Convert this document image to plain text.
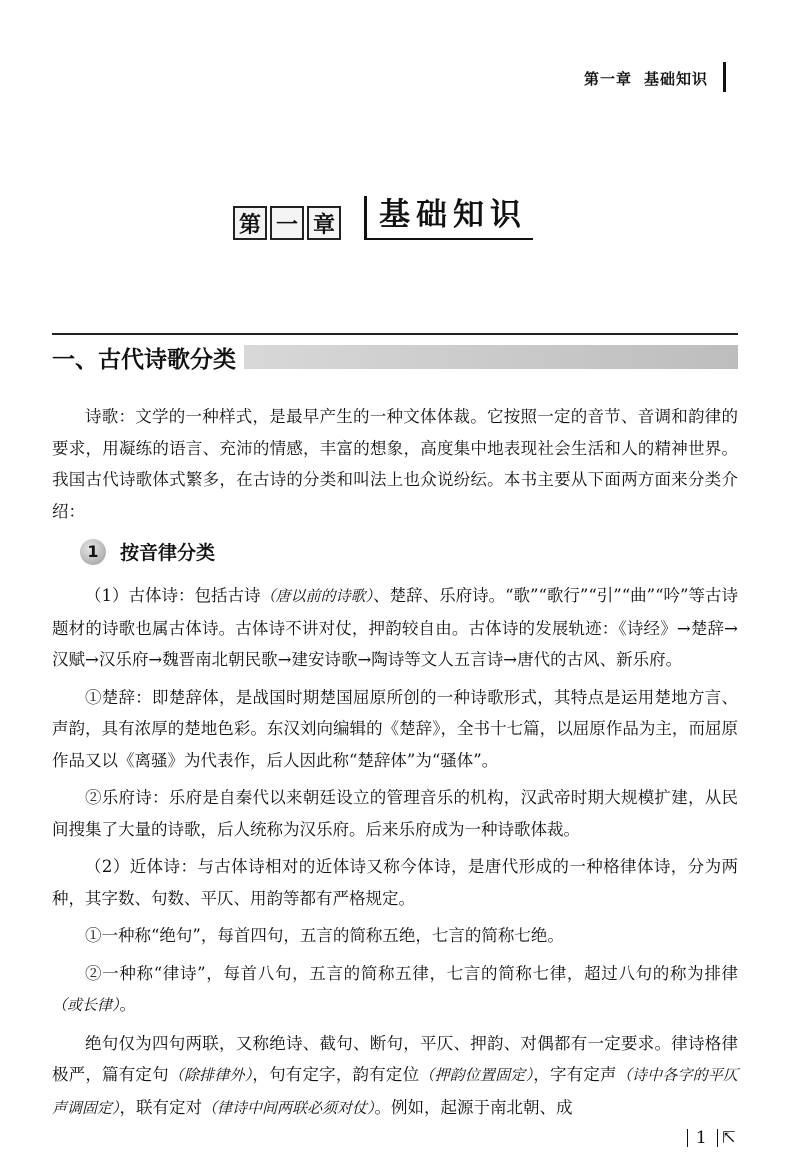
第一章 基础知识
第 一 章	基础知识
一、古代诗歌分类

诗歌：文学的一种样式，是最早产生的一种文体体裁。它按照一定的音节、音调和韵律的要求，用凝练的语言、充沛的情感，丰富的想象，高度集中地表现社会生活和人的精神世界。我国古代诗歌体式繁多，在古诗的分类和叫法上也众说纷纭。本书主要从下面两方面来分类介绍：

1	按音律分类

（1）古体诗：包括古诗（唐以前的诗歌）、楚辞、乐府诗。“歌”“歌行”“引”“曲”“吟”等古诗题材的诗歌也属古体诗。古体诗不讲对仗，押韵较自由。古体诗的发展轨迹：《诗经》→楚辞→汉赋→汉乐府→魏晋南北朝民歌→建安诗歌→陶诗等文人五言诗→唐代的古风、新乐府。

①楚辞：即楚辞体，是战国时期楚国屈原所创的一种诗歌形式，其特点是运用楚地方言、声韵，具有浓厚的楚地色彩。东汉刘向编辑的《楚辞》，全书十七篇，以屈原作品为主，而屈原作品又以《离骚》为代表作，后人因此称“楚辞体”为“骚体”。

②乐府诗：乐府是自秦代以来朝廷设立的管理音乐的机构，汉武帝时期大规模扩建，从民间搜集了大量的诗歌，后人统称为汉乐府。后来乐府成为一种诗歌体裁。

（2）近体诗：与古体诗相对的近体诗又称今体诗，是唐代形成的一种格律体诗，分为两种，其字数、句数、平仄、用韵等都有严格规定。

①一种称“绝句”，每首四句，五言的简称五绝，七言的简称七绝。

②一种称“律诗”，每首八句，五言的简称五律，七言的简称七律，超过八句的称为排律（或长律）。

绝句仅为四句两联，又称绝诗、截句、断句，平仄、押韵、对偶都有一定要求。律诗格律极严，篇有定句（除排律外），句有定字，韵有定位（押韵位置固定），字有定声（诗中各字的平仄声调固定），联有定对（律诗中间两联必须对仗）。例如，起源于南北朝、成

1 ⇱
